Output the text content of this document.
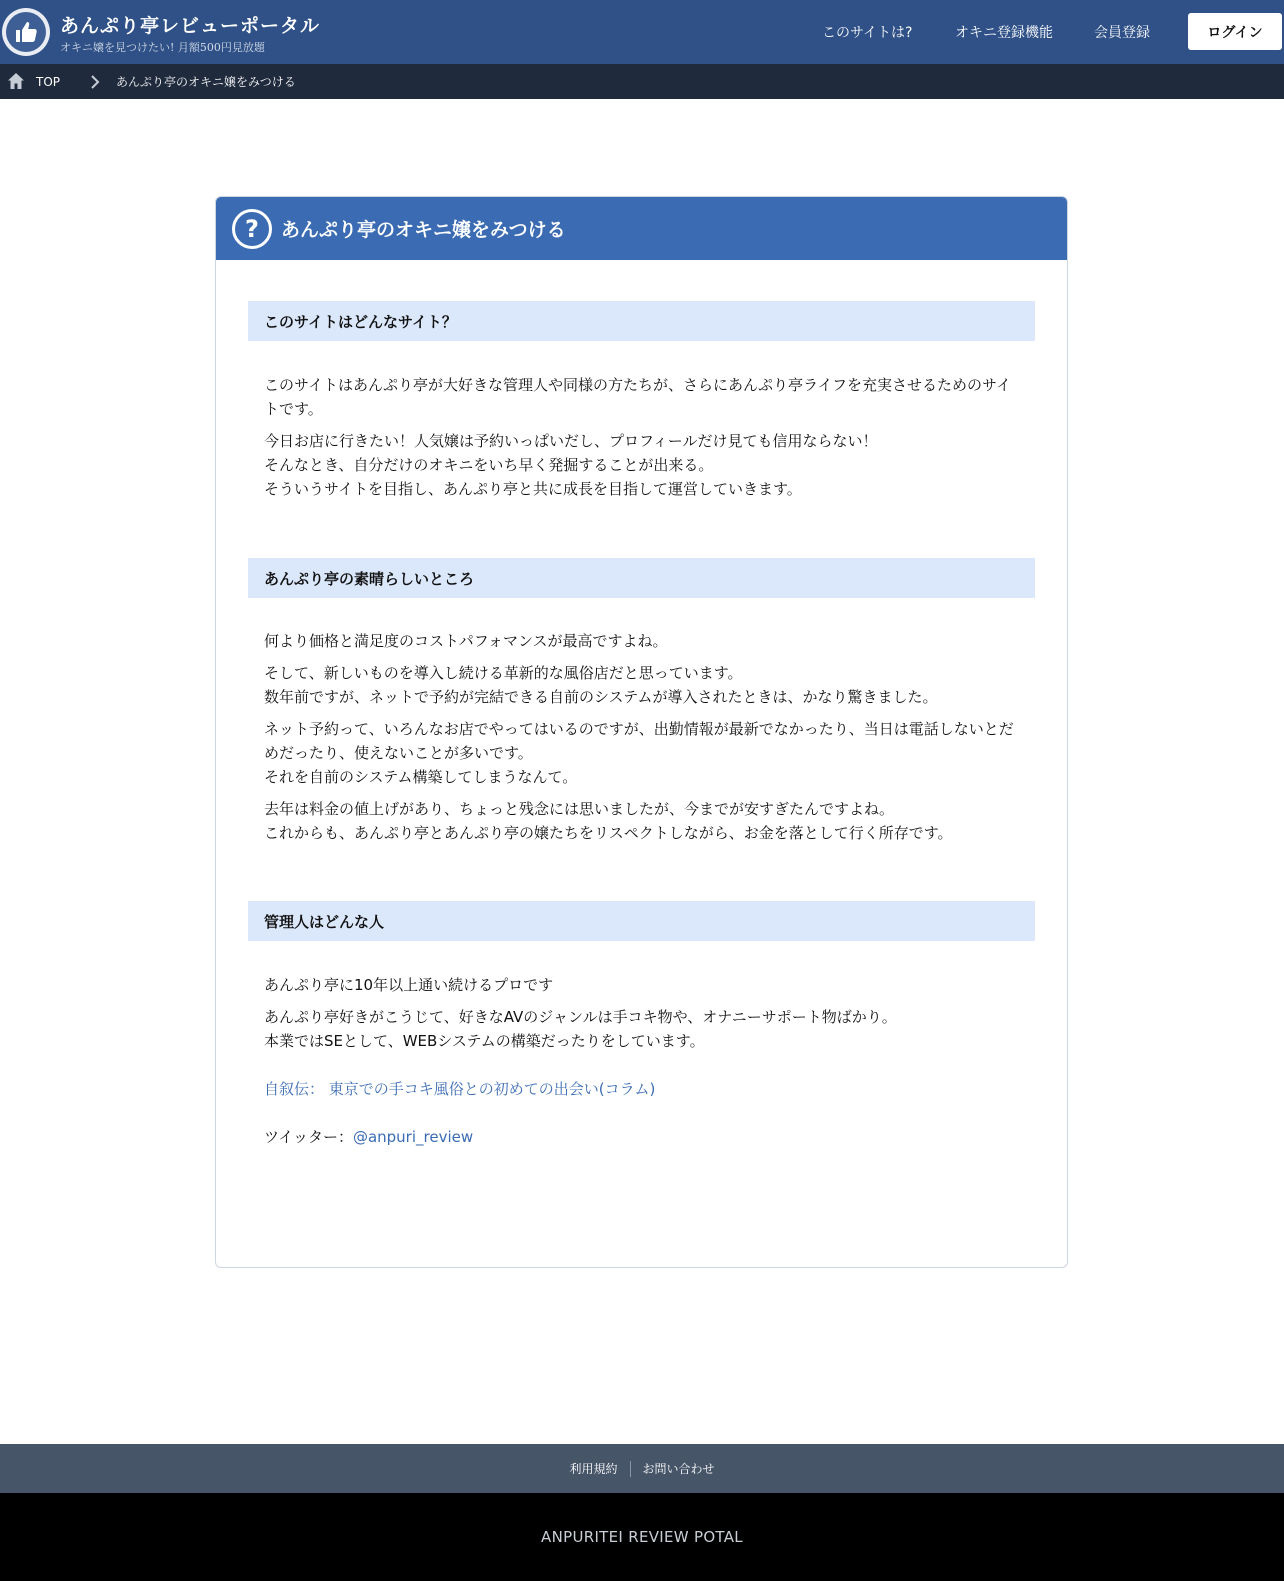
あんぷり亭レビューポータル
オキニ嬢を見つけたい! 月額500円見放題
このサイトは?	オキニ登録機能	会員登録	ログイン
TOP	あんぷり亭のオキニ嬢をみつける
?	あんぷり亭のオキニ嬢をみつける
このサイトはどんなサイト？
このサイトはあんぷり亭が大好きな管理人や同様の方たちが、さらにあんぷり亭ライフを充実させるためのサイトです。
今日お店に行きたい！人気嬢は予約いっぱいだし、プロフィールだけ見ても信用ならない！
そんなとき、自分だけのオキニをいち早く発掘することが出来る。
そういうサイトを目指し、あんぷり亭と共に成長を目指して運営していきます。
あんぷり亭の素晴らしいところ
何より価格と満足度のコストパフォマンスが最高ですよね。
そして、新しいものを導入し続ける革新的な風俗店だと思っています。
数年前ですが、ネットで予約が完結できる自前のシステムが導入されたときは、かなり驚きました。
ネット予約って、いろんなお店でやってはいるのですが、出勤情報が最新でなかったり、当日は電話しないとだめだったり、使えないことが多いです。
それを自前のシステム構築してしまうなんて。
去年は料金の値上げがあり、ちょっと残念には思いましたが、今までが安すぎたんですよね。
これからも、あんぷり亭とあんぷり亭の嬢たちをリスペクトしながら、お金を落として行く所存です。
管理人はどんな人
あんぷり亭に10年以上通い続けるプロです
あんぷり亭好きがこうじて、好きなAVのジャンルは手コキ物や、オナニーサポート物ばかり。
本業ではSEとして、WEBシステムの構築だったりをしています。
自叙伝： 東京での手コキ風俗との初めての出会い(コラム)
ツイッター：@anpuri_review
利用規約 お問い合わせ
ANPURITEI REVIEW POTAL
